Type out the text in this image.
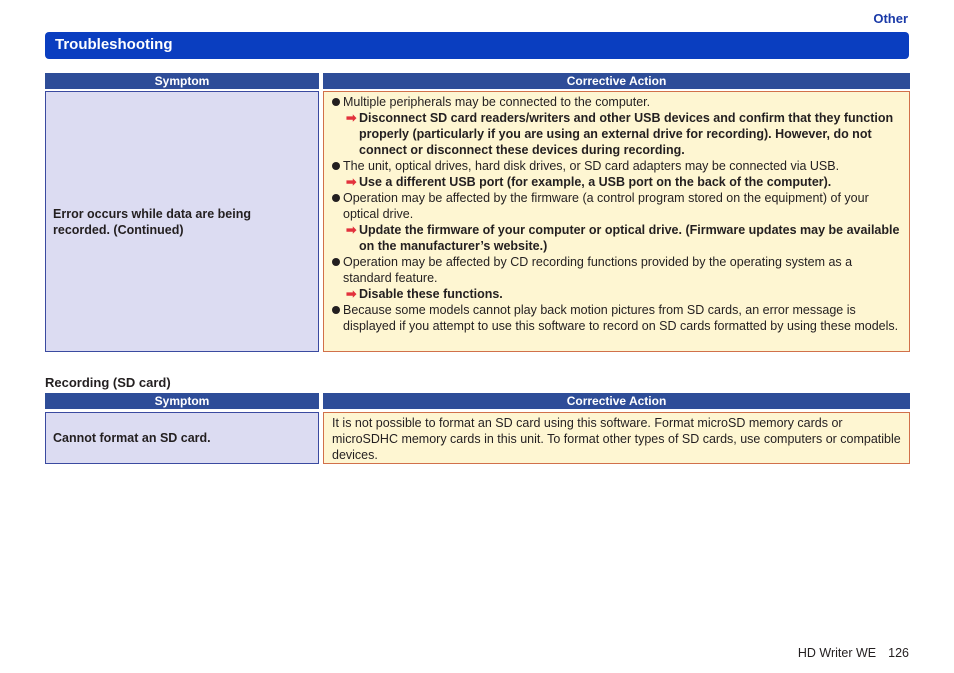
Other
Troubleshooting
Symptom	Corrective Action
Error occurs while data are being recorded. (Continued)

Multiple peripherals may be connected to the computer.

➡ Disconnect SD card readers/writers and other USB devices and confirm that they function properly (particularly if you are using an external drive for recording). However, do not connect or disconnect these devices during recording.

The unit, optical drives, hard disk drives, or SD card adapters may be connected via USB.

➡ Use a different USB port (for example, a USB port on the back of the computer).

Operation may be affected by the firmware (a control program stored on the equipment) of your optical drive.

➡ Update the firmware of your computer or optical drive. (Firmware updates may be available on the manufacturer’s website.)

Operation may be affected by CD recording functions provided by the operating system as a standard feature.

➡ Disable these functions.

Because some models cannot play back motion pictures from SD cards, an error message is displayed if you attempt to use this software to record on SD cards formatted by using these models.

Recording (SD card)
Symptom	Corrective Action
Cannot format an SD card.

It is not possible to format an SD card using this software. Format microSD memory cards or microSDHC memory cards in this unit. To format other types of SD cards, use computers or compatible devices.

HD Writer WE 126
